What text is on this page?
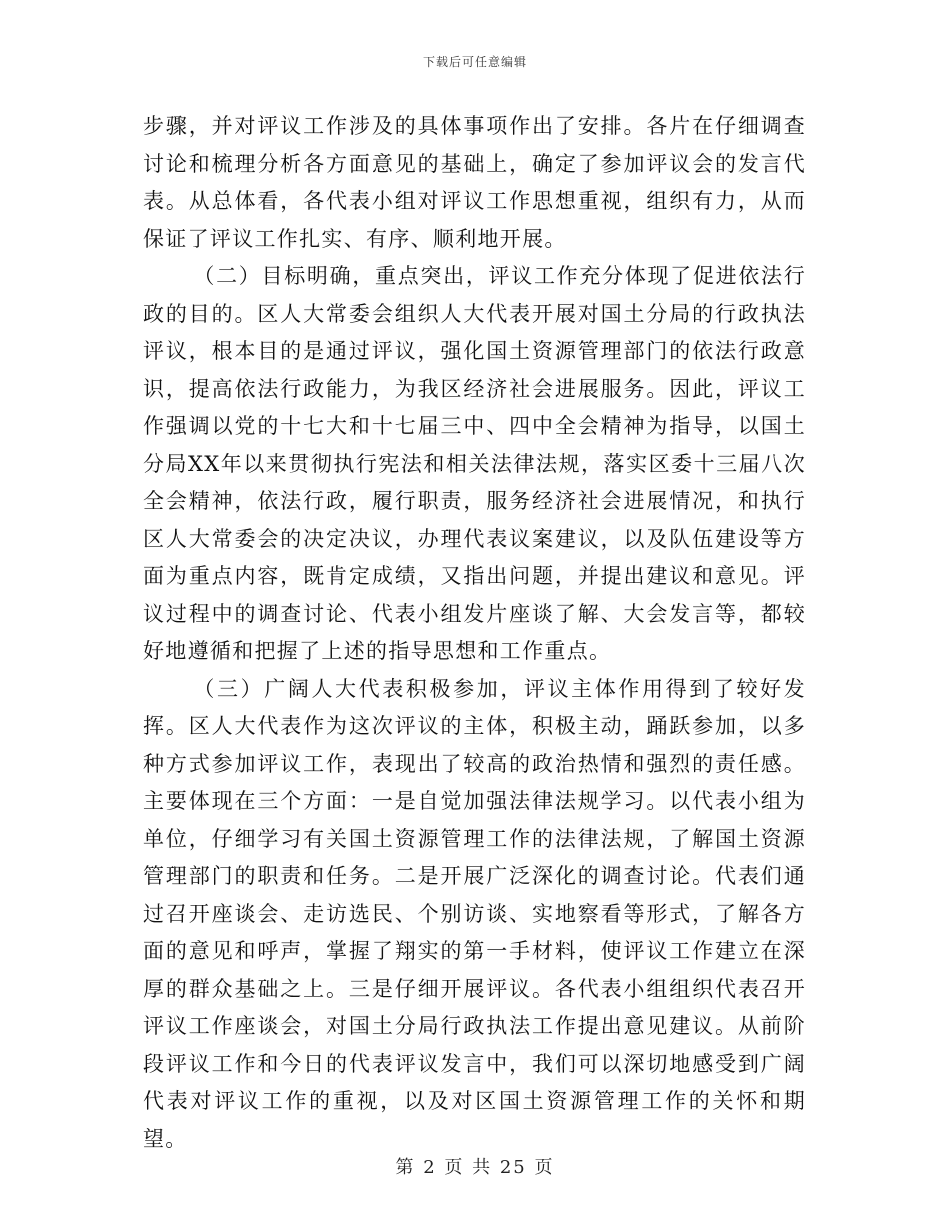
下载后可任意编辑

步骤，并对评议工作涉及的具体事项作出了安排。各片在仔细调查讨论和梳理分析各方面意见的基础上，确定了参加评议会的发言代表。从总体看，各代表小组对评议工作思想重视，组织有力，从而保证了评议工作扎实、有序、顺利地开展。

（二）目标明确，重点突出，评议工作充分体现了促进依法行政的目的。区人大常委会组织人大代表开展对国土分局的行政执法评议，根本目的是通过评议，强化国土资源管理部门的依法行政意识，提高依法行政能力，为我区经济社会进展服务。因此，评议工作强调以党的十七大和十七届三中、四中全会精神为指导，以国土分局XX年以来贯彻执行宪法和相关法律法规，落实区委十三届八次全会精神，依法行政，履行职责，服务经济社会进展情况，和执行区人大常委会的决定决议，办理代表议案建议，以及队伍建设等方面为重点内容，既肯定成绩，又指出问题，并提出建议和意见。评议过程中的调查讨论、代表小组发片座谈了解、大会发言等，都较好地遵循和把握了上述的指导思想和工作重点。

（三）广阔人大代表积极参加，评议主体作用得到了较好发挥。区人大代表作为这次评议的主体，积极主动，踊跃参加，以多种方式参加评议工作，表现出了较高的政治热情和强烈的责任感。主要体现在三个方面：一是自觉加强法律法规学习。以代表小组为单位，仔细学习有关国土资源管理工作的法律法规，了解国土资源管理部门的职责和任务。二是开展广泛深化的调查讨论。代表们通过召开座谈会、走访选民、个别访谈、实地察看等形式，了解各方面的意见和呼声，掌握了翔实的第一手材料，使评议工作建立在深厚的群众基础之上。三是仔细开展评议。各代表小组组织代表召开评议工作座谈会，对国土分局行政执法工作提出意见建议。从前阶段评议工作和今日的代表评议发言中，我们可以深切地感受到广阔代表对评议工作的重视，以及对区国土资源管理工作的关怀和期望。

第 2 页 共 25 页
